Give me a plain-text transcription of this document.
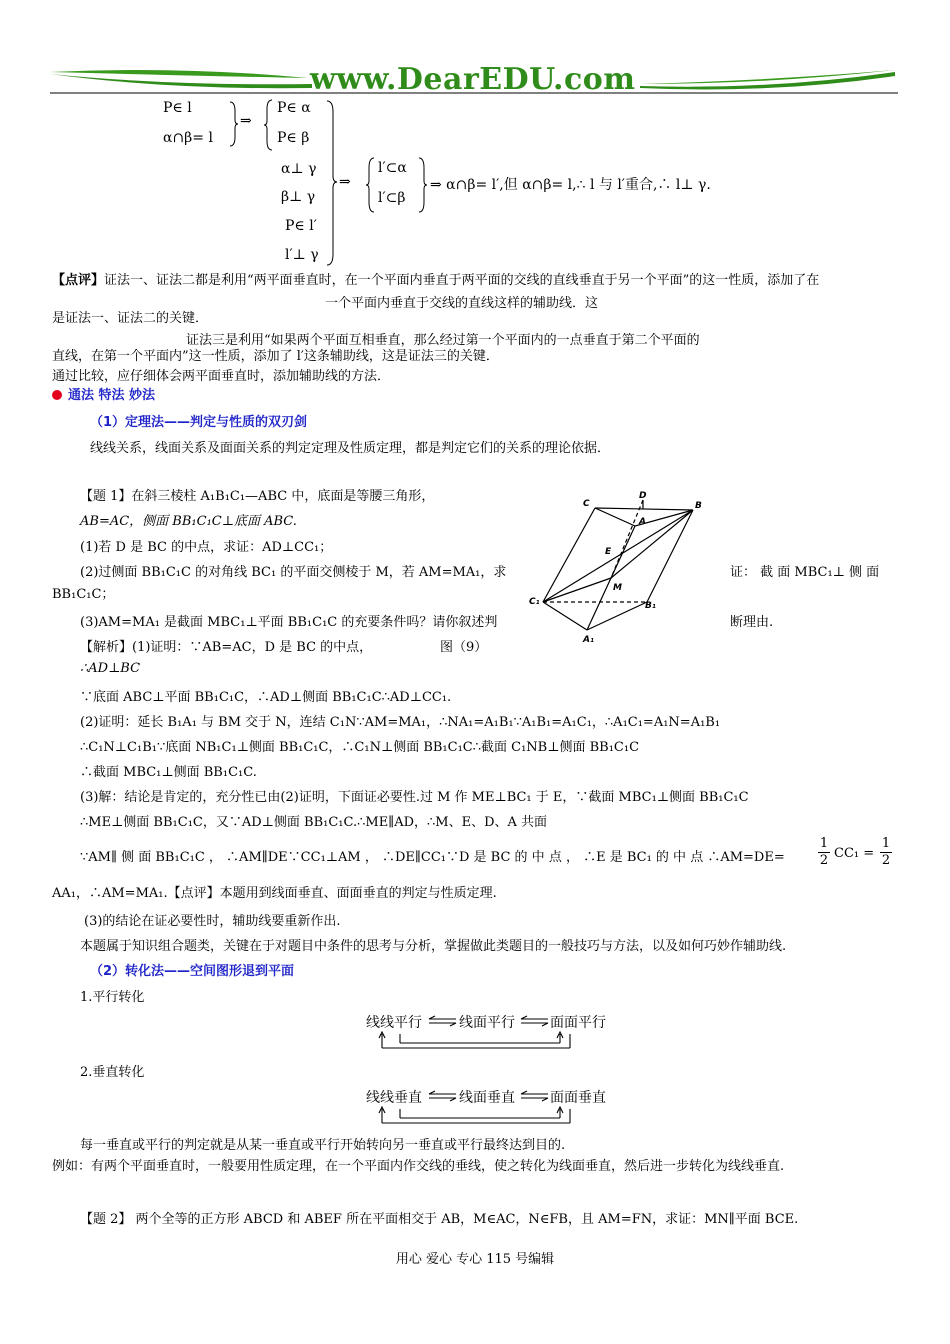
www.DearEDU.com
P∈ l
α∩β= l
⇒
P∈ α
P∈ β
α⊥ γ
β⊥ γ
P∈ l′
l′⊥ γ
⇒
l′⊂α
l′⊂β
⇒ α∩β= l′,但 α∩β= l,∴ l 与 l′重合,∴ l⊥ γ.
【点评】证法一、证法二都是利用“两平面垂直时，在一个平面内垂直于两平面的交线的直线垂直于另一个平面”的这一性质，添加了在
一个平面内垂直于交线的直线这样的辅助线．这
是证法一、证法二的关键．
证法三是利用“如果两个平面互相垂直，那么经过第一个平面内的一点垂直于第二个平面的
直线，在第一个平面内”这一性质，添加了 l′这条辅助线，这是证法三的关键．
通过比较，应仔细体会两平面垂直时，添加辅助线的方法．
通法 特法 妙法
（1）定理法——判定与性质的双刃剑
线线关系，线面关系及面面关系的判定定理及性质定理，都是判定它们的关系的理论依据．
【题 1】在斜三棱柱 A₁B₁C₁—ABC 中，底面是等腰三角形，
AB=AC，侧面 BB₁C₁C⊥底面 ABC.
(1)若 D 是 BC 的中点，求证：AD⊥CC₁；
(2)过侧面 BB₁C₁C 的对角线 BC₁ 的平面交侧棱于 M，若 AM=MA₁，求	证： 截 面 MBC₁⊥ 侧 面
BB₁C₁C；
(3)AM=MA₁ 是截面 MBC₁⊥平面 BB₁C₁C 的充要条件吗？请你叙述判	断理由.
C
D
B
A
E
M
C₁	B₁
A₁
【解析】(1)证明：∵AB=AC，D 是 BC 的中点，	图（9）
∴AD⊥BC
∵底面 ABC⊥平面 BB₁C₁C，∴AD⊥侧面 BB₁C₁C∴AD⊥CC₁.
(2)证明：延长 B₁A₁ 与 BM 交于 N，连结 C₁N∵AM=MA₁，∴NA₁=A₁B₁∵A₁B₁=A₁C₁，∴A₁C₁=A₁N=A₁B₁
∴C₁N⊥C₁B₁∵底面 NB₁C₁⊥侧面 BB₁C₁C，∴C₁N⊥侧面 BB₁C₁C∴截面 C₁NB⊥侧面 BB₁C₁C
∴截面 MBC₁⊥侧面 BB₁C₁C.
(3)解：结论是肯定的，充分性已由(2)证明，下面证必要性.过 M 作 ME⊥BC₁ 于 E，∵截面 MBC₁⊥侧面 BB₁C₁C
∴ME⊥侧面 BB₁C₁C，又∵AD⊥侧面 BB₁C₁C.∴ME∥AD，∴M、E、D、A 共面
∵AM∥ 侧 面 BB₁C₁C ， ∴AM∥DE∵CC₁⊥AM ， ∴DE∥CC₁∵D 是 BC 的 中 点 ， ∴E 是 BC₁ 的 中 点 ∴AM=DE=	$\frac{1}{2} CC_1 = \frac{1}{2}$
AA₁，∴AM=MA₁.【点评】本题用到线面垂直、面面垂直的判定与性质定理.
(3)的结论在证必要性时，辅助线要重新作出.
本题属于知识组合题类，关键在于对题目中条件的思考与分析，掌握做此类题目的一般技巧与方法，以及如何巧妙作辅助线.
（2）转化法——空间图形退到平面
1.平行转化
线线平行	线面平行	面面平行
2.垂直转化
线线垂直	线面垂直	面面垂直
每一垂直或平行的判定就是从某一垂直或平行开始转向另一垂直或平行最终达到目的.
例如：有两个平面垂直时，一般要用性质定理，在一个平面内作交线的垂线，使之转化为线面垂直，然后进一步转化为线线垂直.
【题 2】 两个全等的正方形 ABCD 和 ABEF 所在平面相交于 AB，M∈AC，N∈FB，且 AM=FN，求证：MN∥平面 BCE.
用心 爱心 专心 115 号编辑
